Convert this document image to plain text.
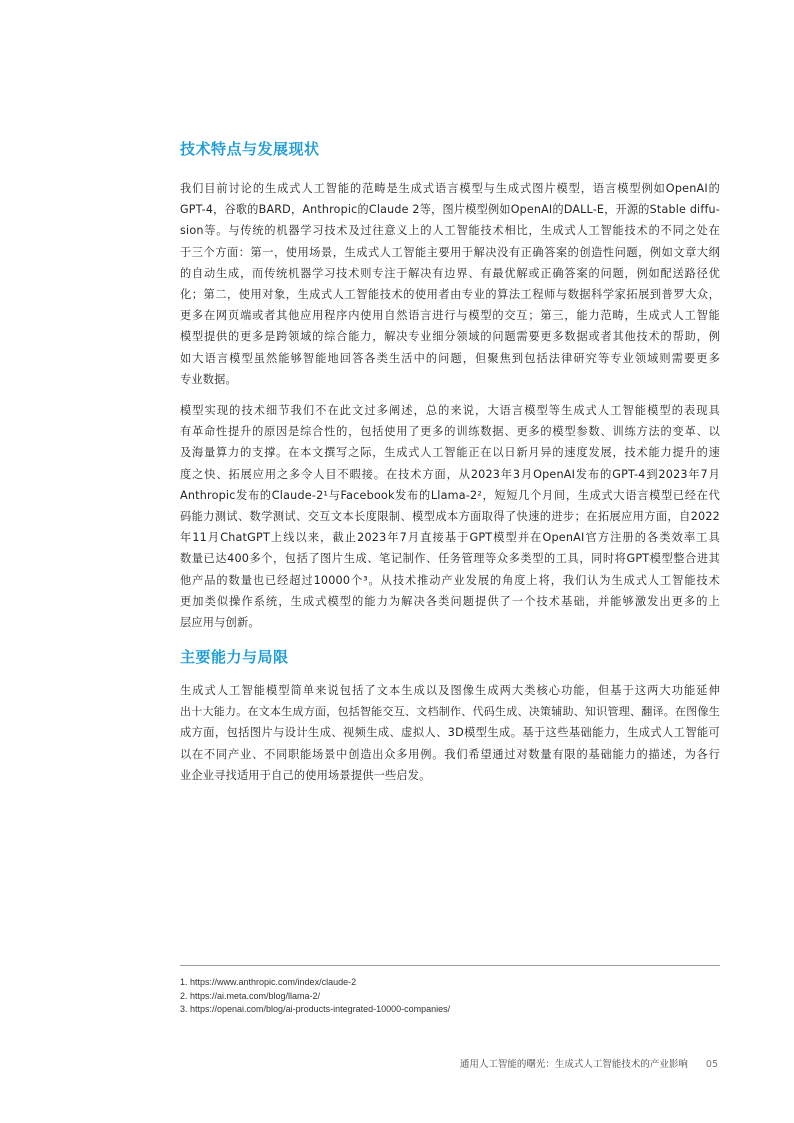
技术特点与发展现状
我们目前讨论的生成式人工智能的范畴是生成式语言模型与生成式图片模型，语言模型例如OpenAI的
GPT-4，谷歌的BARD，Anthropic的Claude 2等，图片模型例如OpenAI的DALL-E，开源的Stable diffu-
sion等。与传统的机器学习技术及过往意义上的人工智能技术相比，生成式人工智能技术的不同之处在
于三个方面：第一，使用场景，生成式人工智能主要用于解决没有正确答案的创造性问题，例如文章大纲
的自动生成，而传统机器学习技术则专注于解决有边界、有最优解或正确答案的问题，例如配送路径优
化；第二，使用对象，生成式人工智能技术的使用者由专业的算法工程师与数据科学家拓展到普罗大众，
更多在网页端或者其他应用程序内使用自然语言进行与模型的交互；第三，能力范畴，生成式人工智能
模型提供的更多是跨领域的综合能力，解决专业细分领域的问题需要更多数据或者其他技术的帮助，例
如大语言模型虽然能够智能地回答各类生活中的问题，但聚焦到包括法律研究等专业领域则需要更多
专业数据。
模型实现的技术细节我们不在此文过多阐述，总的来说，大语言模型等生成式人工智能模型的表现具
有革命性提升的原因是综合性的，包括使用了更多的训练数据、更多的模型参数、训练方法的变革、以
及海量算力的支撑。在本文撰写之际，生成式人工智能正在以日新月异的速度发展，技术能力提升的速
度之快、拓展应用之多令人目不暇接。在技术方面，从2023年3月OpenAI发布的GPT-4到2023年7月
Anthropic发布的Claude-2¹与Facebook发布的Llama-2²，短短几个月间，生成式大语言模型已经在代
码能力测试、数学测试、交互文本长度限制、模型成本方面取得了快速的进步；在拓展应用方面，自2022
年11月ChatGPT上线以来，截止2023年7月直接基于GPT模型并在OpenAI官方注册的各类效率工具
数量已达400多个，包括了图片生成、笔记制作、任务管理等众多类型的工具，同时将GPT模型整合进其
他产品的数量也已经超过10000个³。从技术推动产业发展的角度上将，我们认为生成式人工智能技术
更加类似操作系统，生成式模型的能力为解决各类问题提供了一个技术基础，并能够激发出更多的上
层应用与创新。
主要能力与局限
生成式人工智能模型简单来说包括了文本生成以及图像生成两大类核心功能，但基于这两大功能延伸
出十大能力。在文本生成方面，包括智能交互、文档制作、代码生成、决策辅助、知识管理、翻译。在图像生
成方面，包括图片与设计生成、视频生成、虚拟人、3D模型生成。基于这些基础能力，生成式人工智能可
以在不同产业、不同职能场景中创造出众多用例。我们希望通过对数量有限的基础能力的描述，为各行
业企业寻找适用于自己的使用场景提供一些启发。
1. https://www.anthropic.com/index/claude-2
2. https://ai.meta.com/blog/llama-2/
3. https://openai.com/blog/ai-products-integrated-10000-companies/
通用人工智能的曙光：生成式人工智能技术的产业影响 05
